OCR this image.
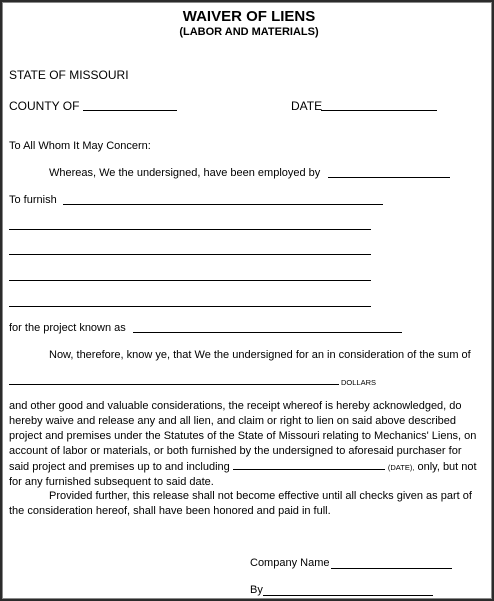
WAIVER OF LIENS
(LABOR AND MATERIALS)
STATE OF MISSOURI
COUNTY OF	DATE
To All Whom It May Concern:
Whereas, We the undersigned, have been employed by
To furnish
for the project known as
Now, therefore, know ye, that We the undersigned for an in consideration of the sum of
DOLLARS
and other good and valuable considerations, the receipt whereof is hereby acknowledged, do
hereby waive and release any and all lien, and claim or right to lien on said above described
project and premises under the Statutes of the State of Missouri relating to Mechanics' Liens, on
account of labor or materials, or both furnished by the undersigned to aforesaid purchaser for
said project and premises up to and including	(DATE), only, but not
for any furnished subsequent to said date.
Provided further, this release shall not become effective until all checks given as part of
the consideration hereof, shall have been honored and paid in full.
Company Name
By
